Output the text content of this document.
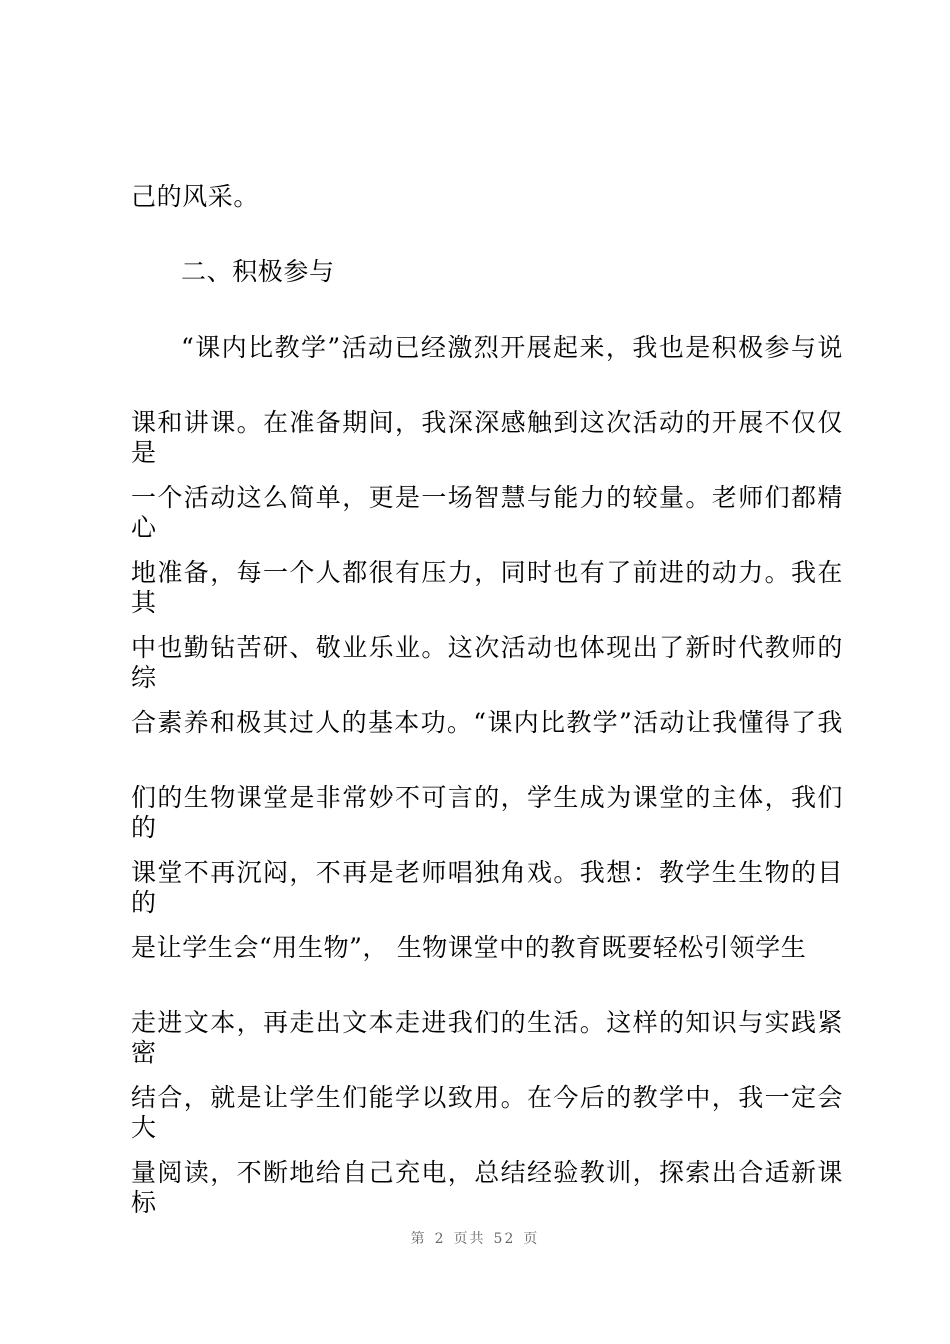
己的风采。
二、积极参与
“课内比教学”活动已经激烈开展起来，我也是积极参与说
课和讲课。在准备期间，我深深感触到这次活动的开展不仅仅是
一个活动这么简单，更是一场智慧与能力的较量。老师们都精心
地准备，每一个人都很有压力，同时也有了前进的动力。我在其
中也勤钻苦研、敬业乐业。这次活动也体现出了新时代教师的综
合素养和极其过人的基本功。“课内比教学”活动让我懂得了我
们的生物课堂是非常妙不可言的，学生成为课堂的主体，我们的
课堂不再沉闷，不再是老师唱独角戏。我想：教学生生物的目的
是让学生会“用生物”， 生物课堂中的教育既要轻松引领学生
走进文本，再走出文本走进我们的生活。这样的知识与实践紧密
结合，就是让学生们能学以致用。在今后的教学中，我一定会大
量阅读，不断地给自己充电，总结经验教训，探索出合适新课标
第 2 页共 52 页
